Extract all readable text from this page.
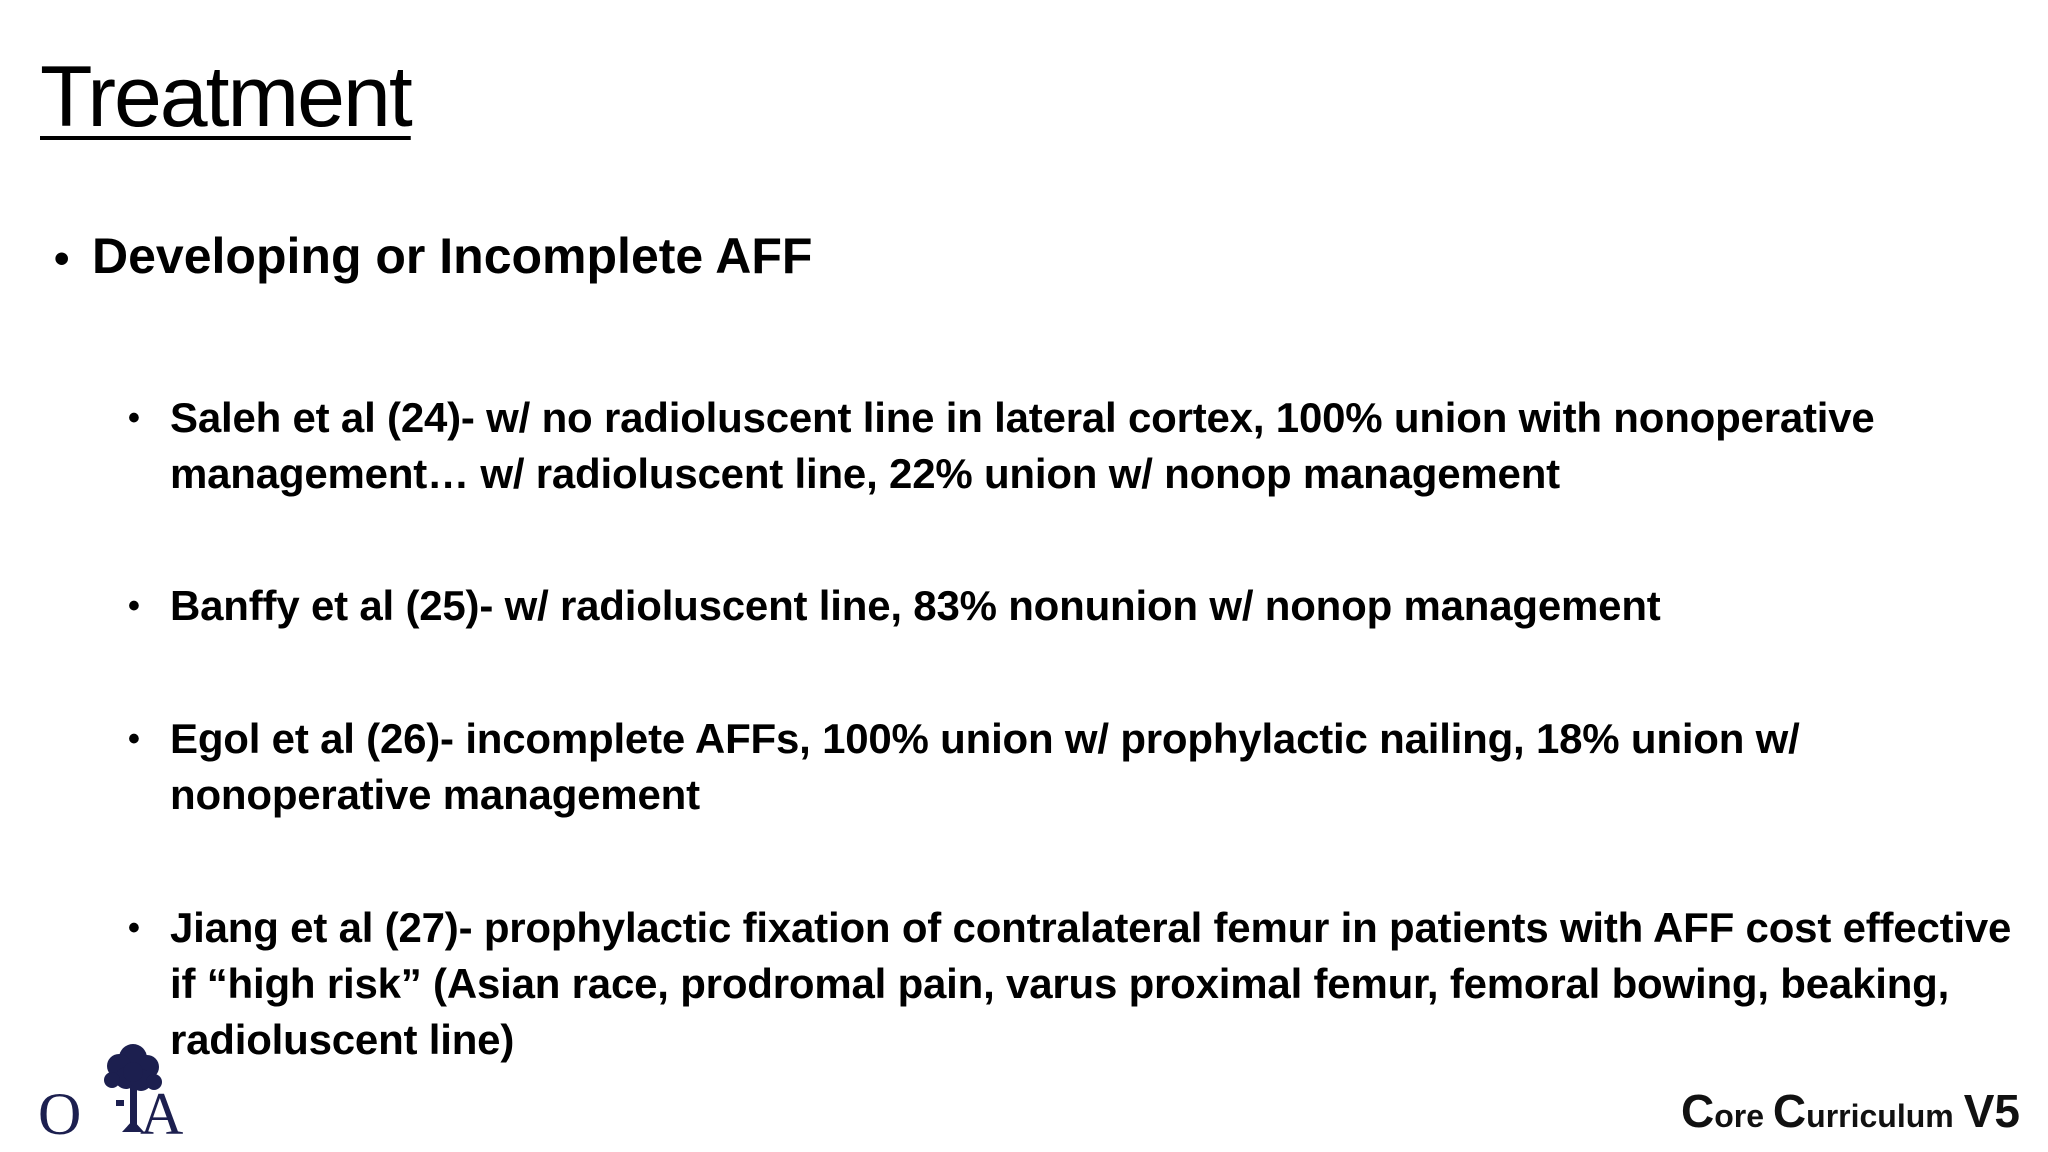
Treatment
• Developing or Incomplete AFF
• Saleh et al (24)- w/ no radioluscent line in lateral cortex, 100% union with nonoperative management… w/ radioluscent line, 22% union w/ nonop management
• Banffy et al (25)- w/ radioluscent line, 83% nonunion w/ nonop management
• Egol et al (26)- incomplete AFFs, 100% union w/ prophylactic nailing, 18% union w/ nonoperative management
• Jiang et al (27)- prophylactic fixation of contralateral femur in patients with AFF cost effective if “high risk” (Asian race, prodromal pain, varus proximal femur, femoral bowing, beaking, radioluscent line)
O A	Core Curriculum V5
